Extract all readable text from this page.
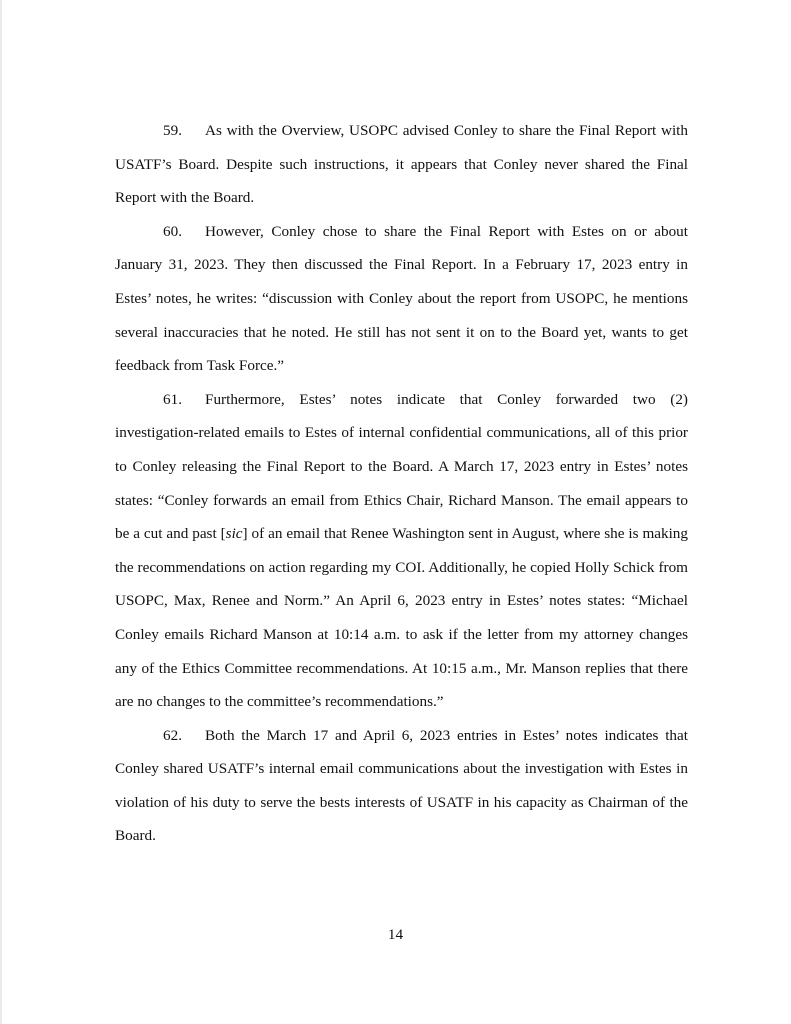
59. As with the Overview, USOPC advised Conley to share the Final Report with USATF’s Board. Despite such instructions, it appears that Conley never shared the Final Report with the Board.

60. However, Conley chose to share the Final Report with Estes on or about January 31, 2023. They then discussed the Final Report. In a February 17, 2023 entry in Estes’ notes, he writes: “discussion with Conley about the report from USOPC, he mentions several inaccuracies that he noted. He still has not sent it on to the Board yet, wants to get feedback from Task Force.”

61. Furthermore, Estes’ notes indicate that Conley forwarded two (2) investigation-related emails to Estes of internal confidential communications, all of this prior to Conley releasing the Final Report to the Board. A March 17, 2023 entry in Estes’ notes states: “Conley forwards an email from Ethics Chair, Richard Manson. The email appears to be a cut and past [sic] of an email that Renee Washington sent in August, where she is making the recommendations on action regarding my COI. Additionally, he copied Holly Schick from USOPC, Max, Renee and Norm.” An April 6, 2023 entry in Estes’ notes states: “Michael Conley emails Richard Manson at 10:14 a.m. to ask if the letter from my attorney changes any of the Ethics Committee recommendations. At 10:15 a.m., Mr. Manson replies that there are no changes to the committee’s recommendations.”

62. Both the March 17 and April 6, 2023 entries in Estes’ notes indicates that Conley shared USATF’s internal email communications about the investigation with Estes in violation of his duty to serve the bests interests of USATF in his capacity as Chairman of the Board.

14
